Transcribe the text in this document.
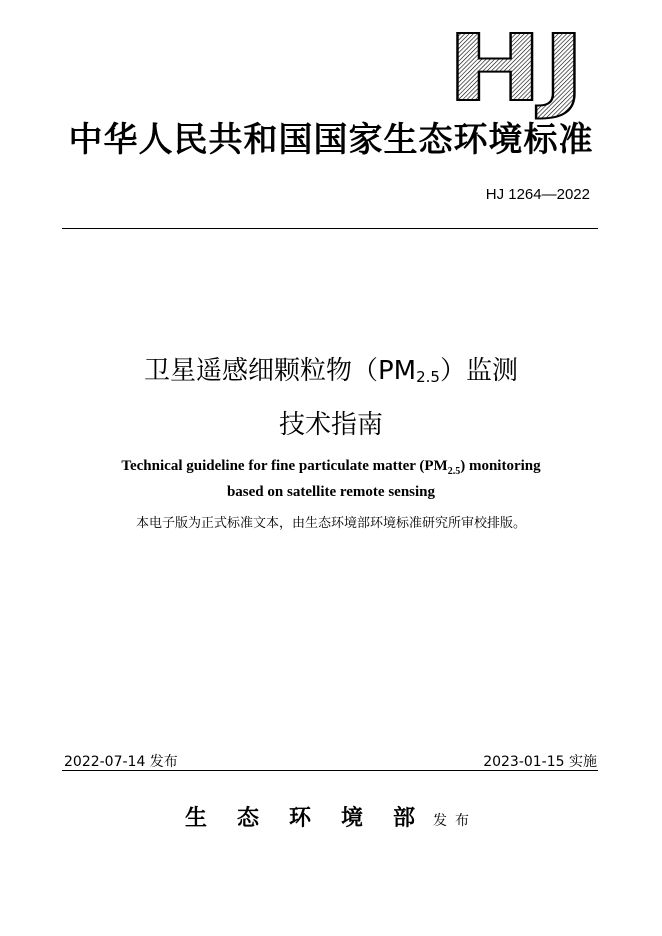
HJ
中华人民共和国国家生态环境标准
HJ 1264—2022
卫星遥感细颗粒物$(PM_{2.5})$监测
技术指南
Technical guideline for fine particulate matter $(PM_{2.5})$ monitoring
based on satellite remote sensing
本电子版为正式标准文本，由生态环境部环境标准研究所审校排版。
2022-07-14 发布	2023-01-15 实施
生态环境部发布
